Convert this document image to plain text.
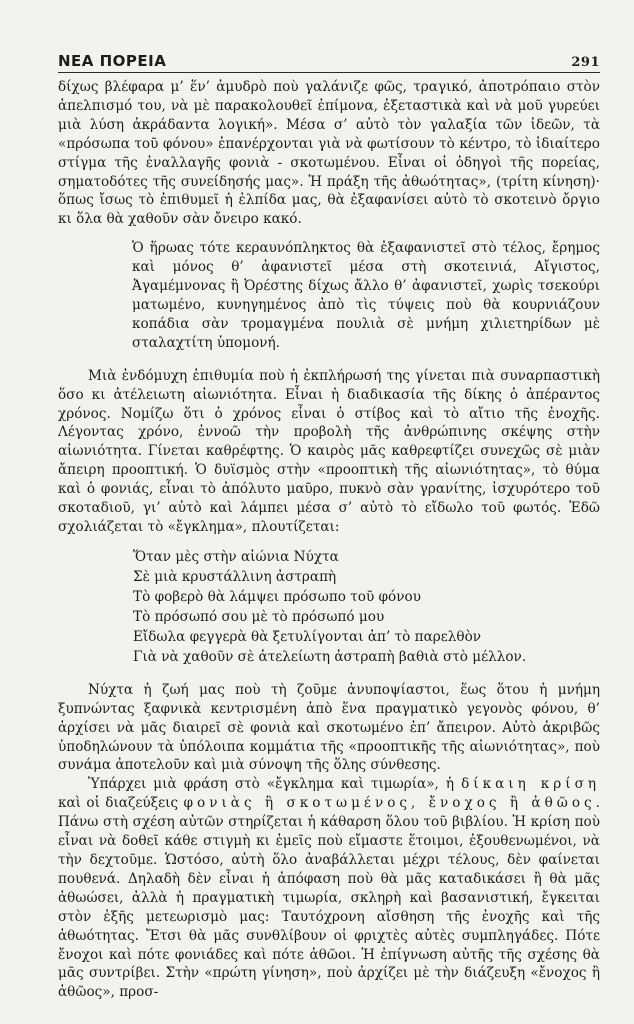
ΝΕΑ ΠΟΡΕΙΑ	291

δίχως βλέφαρα μ’ ἕν’ ἀμυδρὸ ποὺ γαλάνιζε φῶς, τραγικό, ἀποτρόπαιο στὸν ἀπελπισμό του, νὰ μὲ παρακολουθεῖ ἐπίμονα, ἐξεταστικὰ καὶ νὰ μοῦ γυρεύει μιὰ λύση ἀκράδαντα λογική». Μέσα σ’ αὐτὸ τὸν γαλαξία τῶν ἰδεῶν, τὰ «πρόσωπα τοῦ φόνου» ἐπανέρχονται γιὰ νὰ φωτίσουν τὸ κέντρο, τὸ ἰδιαίτερο στίγμα τῆς ἐναλλαγῆς φονιὰ - σκοτωμένου. Εἶναι οἱ ὁδηγοὶ τῆς πορείας, σηματοδότες τῆς συνείδησής μας». Ἡ πράξη τῆς ἀθωότητας», (τρίτη κίνηση)· ὅπως ἴσως τὸ ἐπιθυμεῖ ἡ ἐλπίδα μας, θὰ ἐξαφανίσει αὐτὸ τὸ σκοτεινὸ ὄργιο κι ὅλα θὰ χαθοῦν σὰν ὄνειρο κακό.

Ὁ ἥρωας τότε κεραυνόπληκτος θὰ ἐξαφανιστεῖ στὸ τέλος, ἔρημος καὶ μόνος θ’ ἀφανιστεῖ μέσα στὴ σκοτεινιά, Αἴγιστος, Ἀγαμέμνονας ἢ Ὀρέστης δίχως ἄλλο θ’ ἀφανιστεῖ, χωρὶς τσεκούρι ματωμένο, κυνηγημένος ἀπὸ τὶς τύψεις ποὺ θὰ κουρνιάζουν κοπάδια σὰν τρομαγμένα πουλιὰ σὲ μνήμη χιλιετηρίδων μὲ σταλαχτίτη ὑπομονή.

Μιὰ ἐνδόμυχη ἐπιθυμία ποὺ ἡ ἐκπλήρωσή της γίνεται πιὰ συναρπαστικὴ ὅσο κι ἀτέλειωτη αἰωνιότητα. Εἶναι ἡ διαδικασία τῆς δίκης ὁ ἀπέραντος χρόνος. Νομίζω ὅτι ὁ χρόνος εἶναι ὁ στίβος καὶ τὸ αἴτιο τῆς ἐνοχῆς. Λέγοντας χρόνο, ἐννοῶ τὴν προβολὴ τῆς ἀνθρώπινης σκέψης στὴν αἰωνιότητα. Γίνεται καθρέφτης. Ὁ καιρὸς μᾶς καθρεφτίζει συνεχῶς σὲ μιὰν ἄπειρη προοπτική. Ὁ δυϊσμὸς στὴν «προοπτικὴ τῆς αἰωνιότητας», τὸ θύμα καὶ ὁ φονιάς, εἶναι τὸ ἀπόλυτο μαῦρο, πυκνὸ σὰν γρανίτης, ἰσχυρότερο τοῦ σκοταδιοῦ, γι’ αὐτὸ καὶ λάμπει μέσα σ’ αὐτὸ τὸ εἴδωλο τοῦ φωτός. Ἐδῶ σχολιάζεται τὸ «ἔγκλημα», πλουτίζεται:

Ὅταν μὲς στὴν αἰώνια Νύχτα
Σὲ μιὰ κρυστάλλινη ἀστραπὴ
Τὸ φοβερὸ θὰ λάμψει πρόσωπο τοῦ φόνου
Τὸ πρόσωπό σου μὲ τὸ πρόσωπό μου
Εἴδωλα φεγγερὰ θὰ ξετυλίγονται ἀπ’ τὸ παρελθὸν
Γιὰ νὰ χαθοῦν σὲ ἀτελείωτη ἀστραπὴ βαθιὰ στὸ μέλλον.

Νύχτα ἡ ζωή μας ποὺ τὴ ζοῦμε ἀνυποψίαστοι, ἕως ὅτου ἡ μνήμη ξυπνώντας ξαφνικὰ κεντρισμένη ἀπὸ ἕνα πραγματικὸ γεγονὸς φόνου, θ’ ἀρχίσει νὰ μᾶς διαιρεῖ σὲ φονιὰ καὶ σκοτωμένο ἐπ’ ἄπειρον. Αὐτὸ ἀκριβῶς ὑποδηλώνουν τὰ ὑπόλοιπα κομμάτια τῆς «προοπτικῆς τῆς αἰωνιότητας», ποὺ συνάμα ἀποτελοῦν καὶ μιὰ σύνοψη τῆς ὅλης σύνθεσης.

Ὑπάρχει μιὰ φράση στὸ «ἔγκλημα καὶ τιμωρία», ἡ δίκαιη κρίση καὶ οἱ διαζεύξεις φονιὰς ἢ σκοτωμένος, ἔνοχος ἢ ἀθῶος. Πάνω στὴ σχέση αὐτῶν στηρίζεται ἡ κάθαρση ὅλου τοῦ βιβλίου. Ἡ κρίση ποὺ εἶναι νὰ δοθεῖ κάθε στιγμὴ κι ἐμεῖς ποὺ εἴμαστε ἕτοιμοι, ἐξουθενωμένοι, νὰ τὴν δεχτοῦμε. Ὡστόσο, αὐτὴ ὅλο ἀναβάλλεται μέχρι τέλους, δὲν φαίνεται πουθενά. Δηλαδὴ δὲν εἶναι ἡ ἀπόφαση ποὺ θὰ μᾶς καταδικάσει ἢ θὰ μᾶς ἀθωώσει, ἀλλὰ ἡ πραγματικὴ τιμωρία, σκληρὴ καὶ βασανιστική, ἔγκειται στὸν ἐξῆς μετεωρισμὸ μας: Ταυτόχρονη αἴσθηση τῆς ἐνοχῆς καὶ τῆς ἀθωότητας. Ἔτσι θὰ μᾶς συνθλίβουν οἱ φριχτὲς αὐτὲς συμπληγάδες. Πότε ἔνοχοι καὶ πότε φονιάδες καὶ πότε ἀθῶοι. Ἡ ἐπίγνωση αὐτῆς τῆς σχέσης θὰ μᾶς συντρίβει. Στὴν «πρώτη γίνηση», ποὺ ἀρχίζει μὲ τὴν διάζευξη «ἔνοχος ἢ ἀθῶος», προσ-
